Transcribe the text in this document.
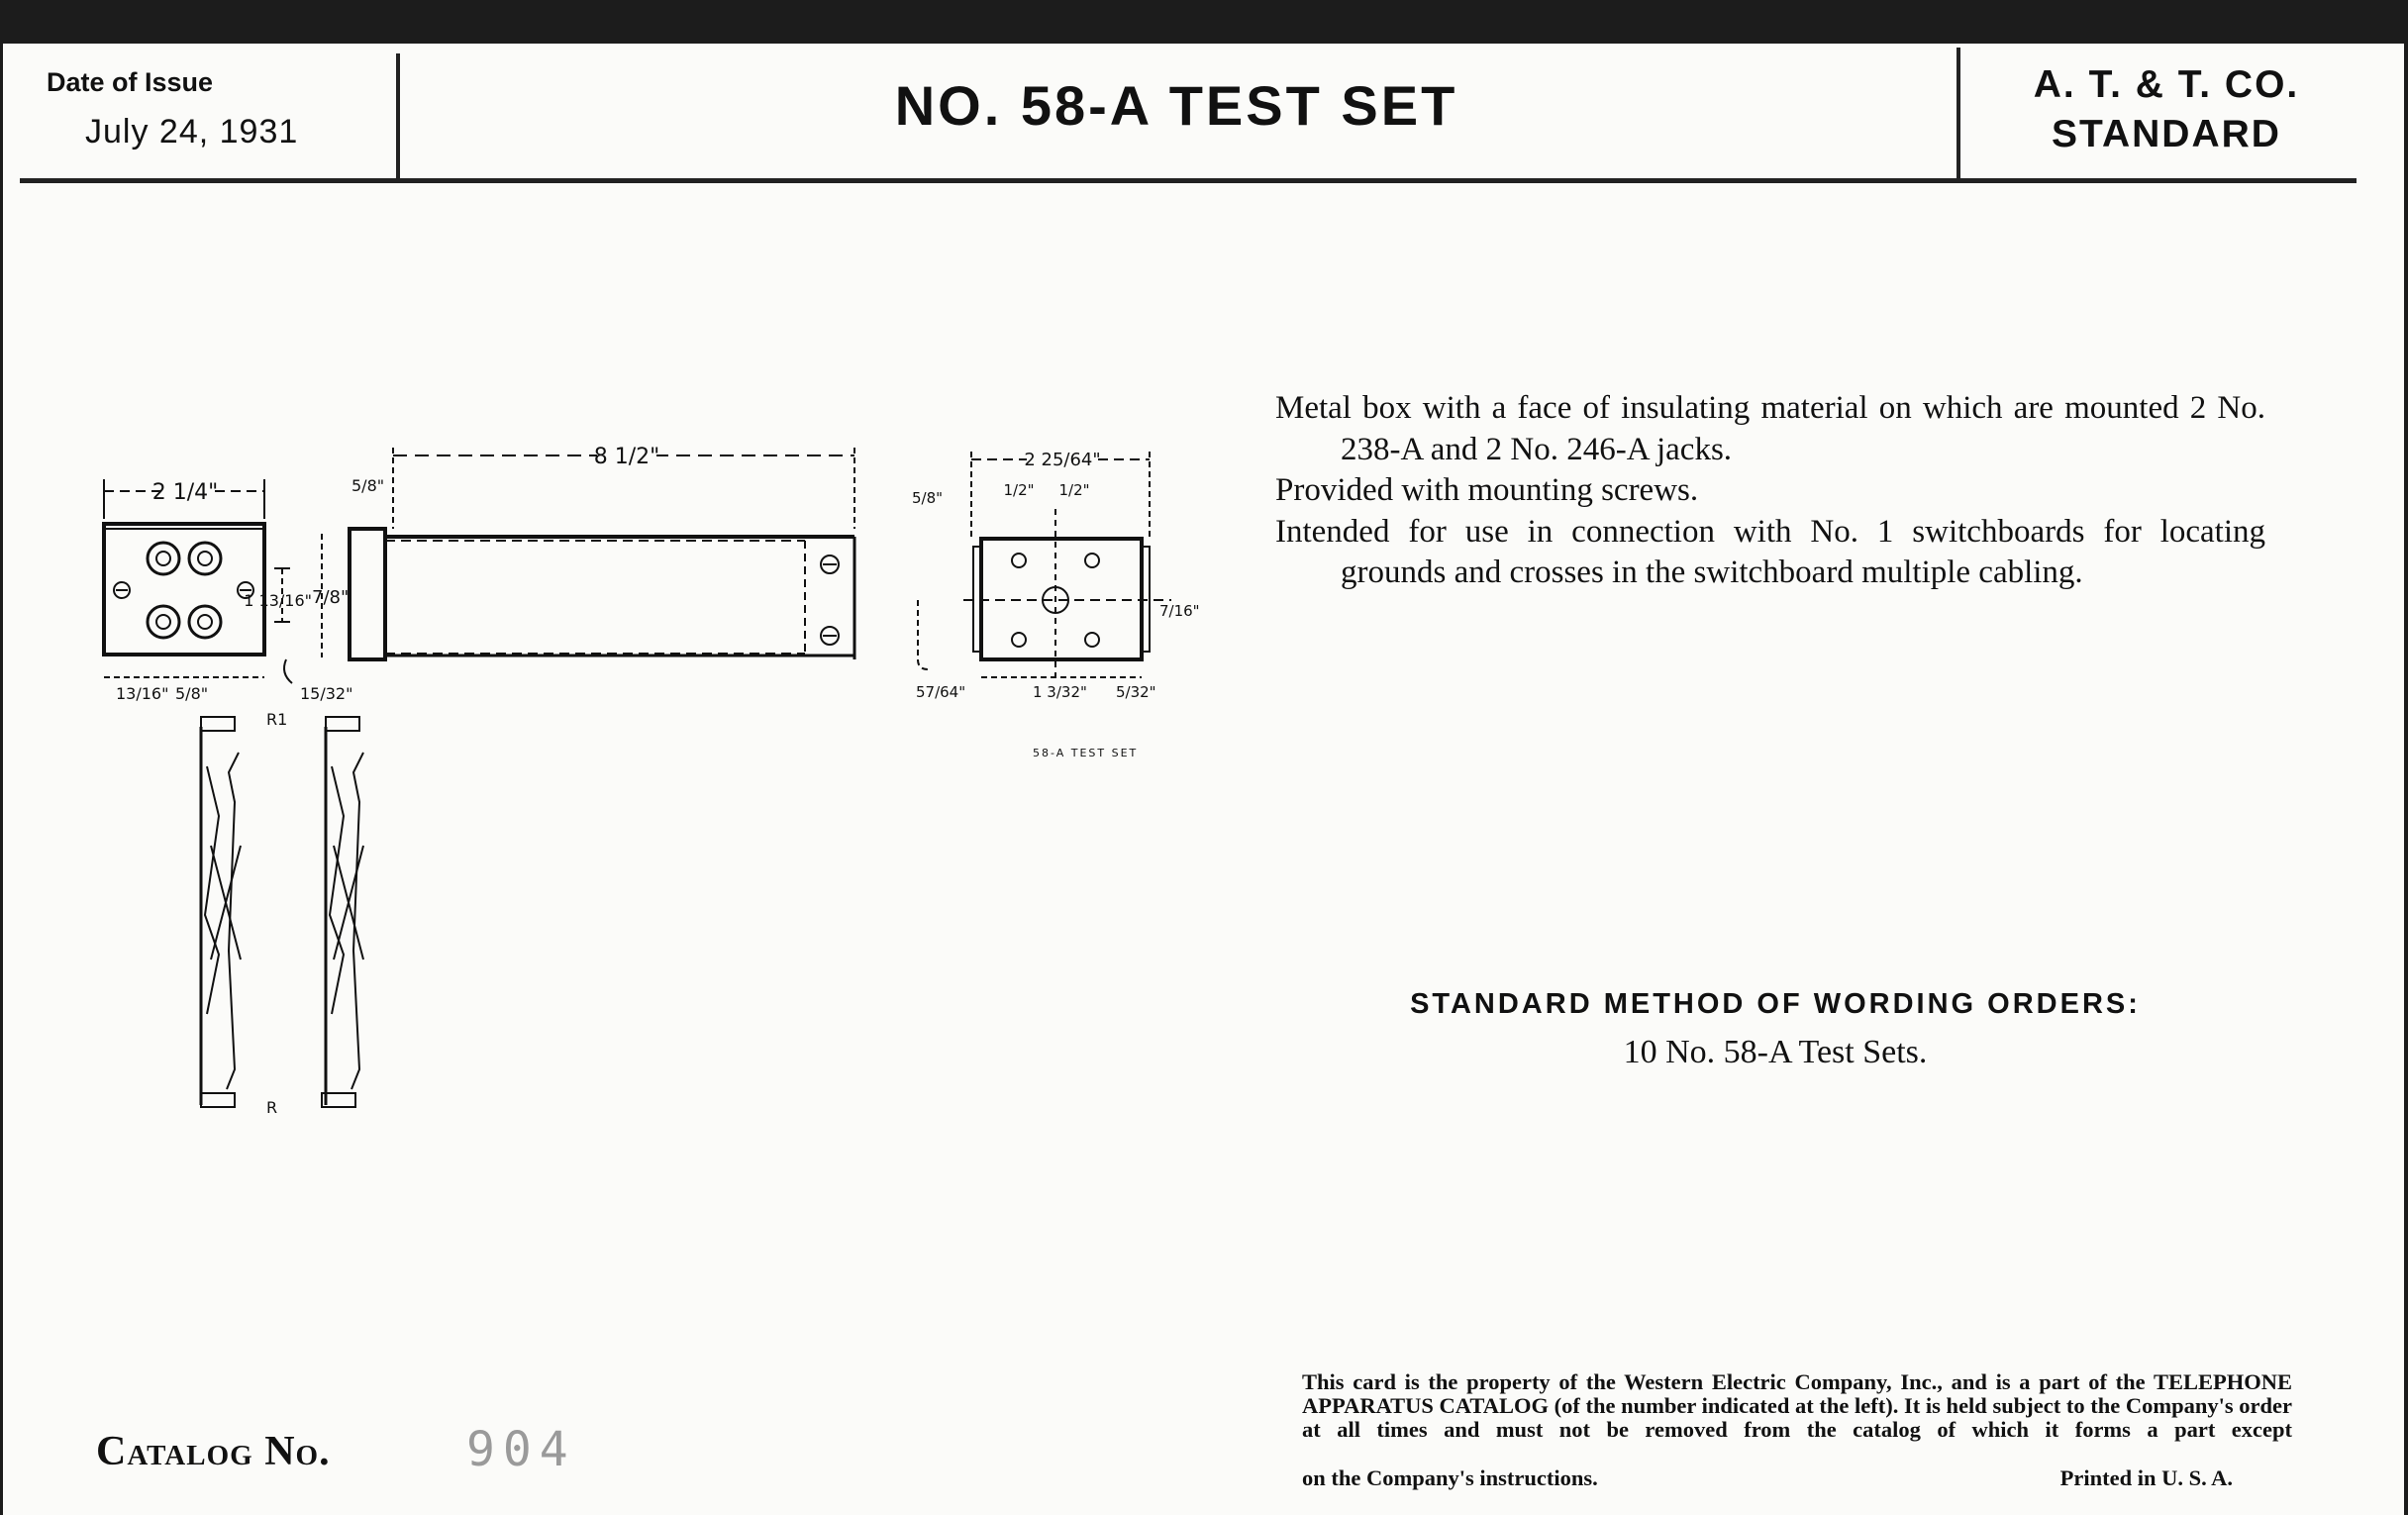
Date of Issue
July 24, 1931	NO. 58-A TEST SET	A. T. & T. CO.
STANDARD
Metal box with a face of insulating material on which are mounted 2 No. 238-A and 2 No. 246-A jacks.
Provided with mounting screws.
Intended for use in connection with No. 1 switchboards for locating grounds and crosses in the switchboard multiple cabling.
STANDARD METHOD OF WORDING ORDERS:
10 No. 58-A Test Sets.
Catalog No.	904
This card is the property of the Western Electric Company, Inc., and is a part of the TELEPHONE APPARATUS CATALOG (of the number indicated at the left). It is held subject to the Company's order at all times and must not be removed from the catalog of which it forms a part except
on the Company's instructions.	Printed in U. S. A.
2 1/4"
7/8"
13/16" 5/8"	15/32"
8 1/2"
5/8"
1 13/16"
2 25/64"
1/2" 1/2"
5/8"
7/16"
57/64"	1 3/32" 5/32"
58-A TEST SET
R1
R
